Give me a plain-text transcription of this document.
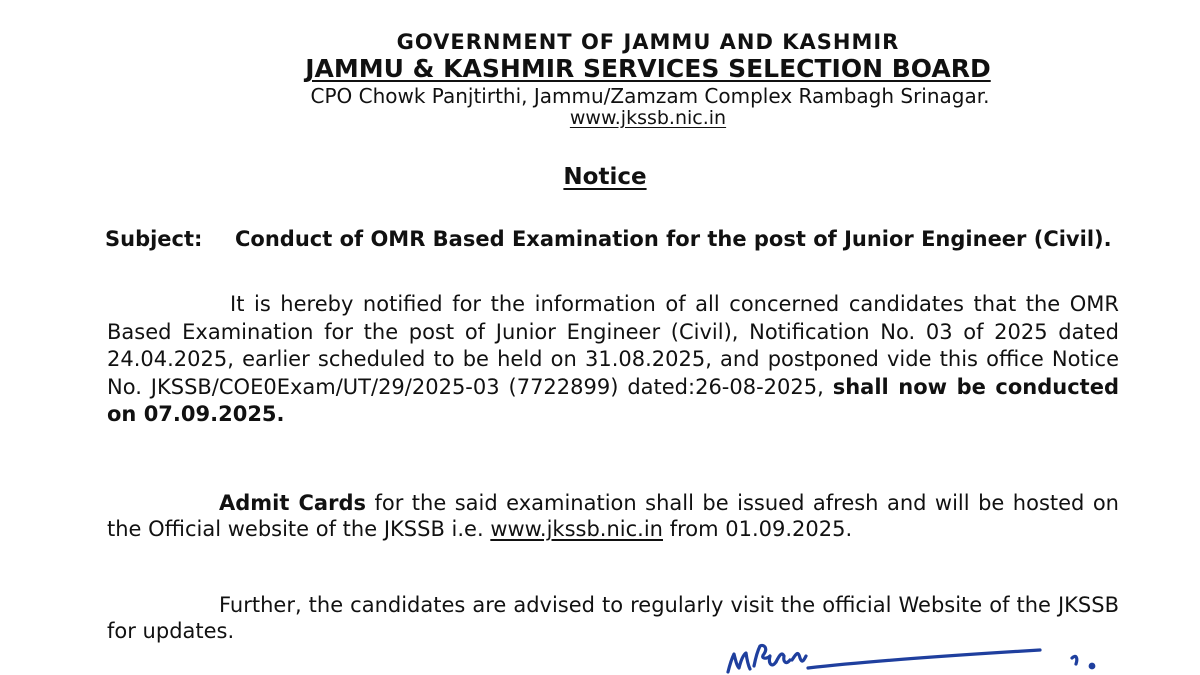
GOVERNMENT OF JAMMU AND KASHMIR
JAMMU & KASHMIR SERVICES SELECTION BOARD
CPO Chowk Panjtirthi, Jammu/Zamzam Complex Rambagh Srinagar.
www.jkssb.nic.in
Notice
Subject: Conduct of OMR Based Examination for the post of Junior Engineer (Civil).
It is hereby notified for the information of all concerned candidates that the OMR Based Examination for the post of Junior Engineer (Civil), Notification No. 03 of 2025 dated 24.04.2025, earlier scheduled to be held on 31.08.2025, and postponed vide this office Notice No. JKSSB/COE0Exam/UT/29/2025-03 (7722899) dated:26-08-2025, shall now be conducted on 07.09.2025.
Admit Cards for the said examination shall be issued afresh and will be hosted on the Official website of the JKSSB i.e. www.jkssb.nic.in from 01.09.2025.
Further, the candidates are advised to regularly visit the official Website of the JKSSB for updates.
